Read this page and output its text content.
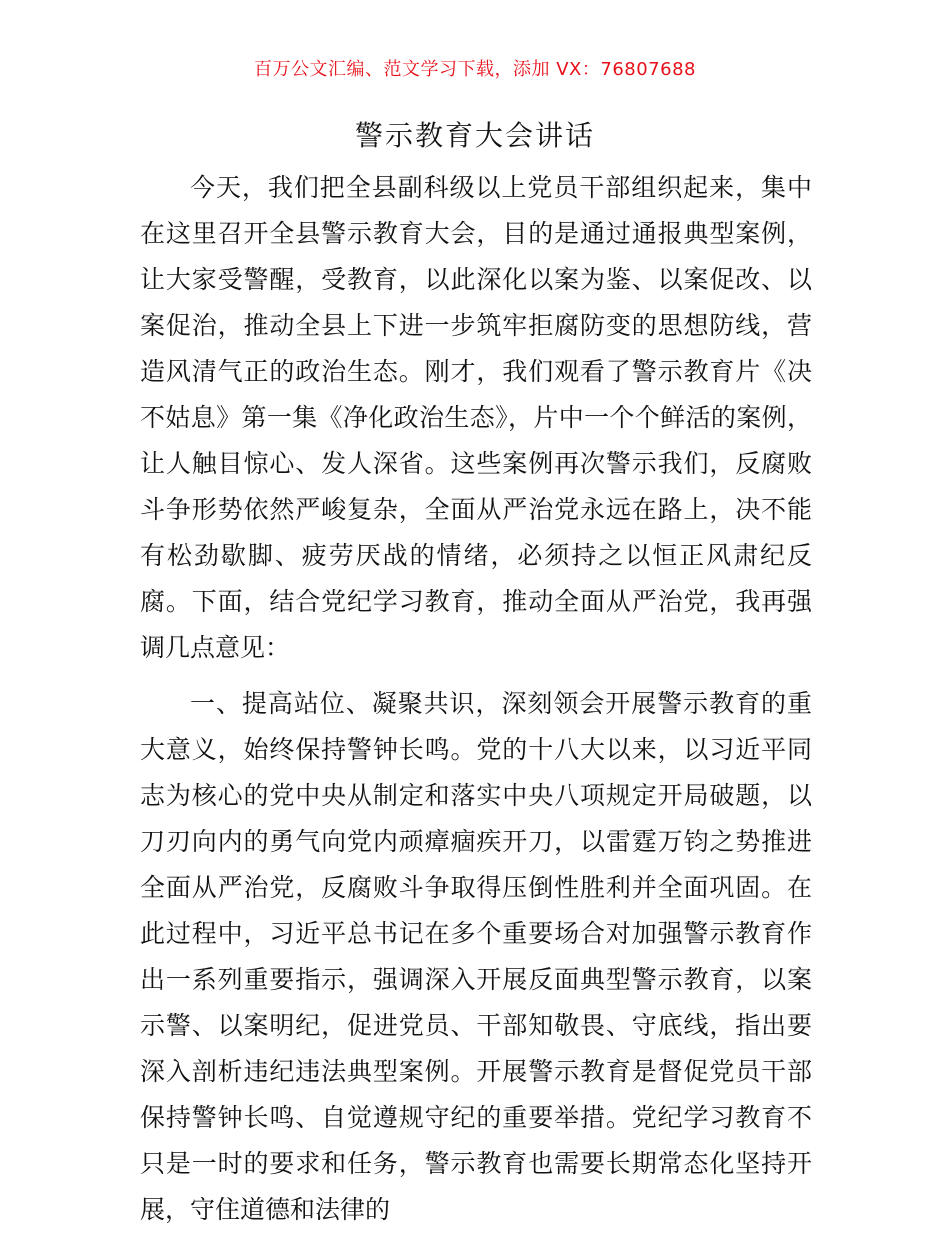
百万公文汇编、范文学习下载，添加 VX：76807688
警示教育大会讲话

今天，我们把全县副科级以上党员干部组织起来，集中在这里召开全县警示教育大会，目的是通过通报典型案例，让大家受警醒，受教育，以此深化以案为鉴、以案促改、以案促治，推动全县上下进一步筑牢拒腐防变的思想防线，营造风清气正的政治生态。刚才，我们观看了警示教育片《决不姑息》第一集《净化政治生态》，片中一个个鲜活的案例，让人触目惊心、发人深省。这些案例再次警示我们，反腐败斗争形势依然严峻复杂，全面从严治党永远在路上，决不能有松劲歇脚、疲劳厌战的情绪，必须持之以恒正风肃纪反腐。下面，结合党纪学习教育，推动全面从严治党，我再强调几点意见：

一、提高站位、凝聚共识，深刻领会开展警示教育的重大意义，始终保持警钟长鸣。党的十八大以来，以习近平同志为核心的党中央从制定和落实中央八项规定开局破题，以刀刃向内的勇气向党内顽瘴痼疾开刀，以雷霆万钧之势推进全面从严治党，反腐败斗争取得压倒性胜利并全面巩固。在此过程中，习近平总书记在多个重要场合对加强警示教育作出一系列重要指示，强调深入开展反面典型警示教育，以案示警、以案明纪，促进党员、干部知敬畏、守底线，指出要深入剖析违纪违法典型案例。开展警示教育是督促党员干部保持警钟长鸣、自觉遵规守纪的重要举措。党纪学习教育不只是一时的要求和任务，警示教育也需要长期常态化坚持开展，守住道德和法律的
